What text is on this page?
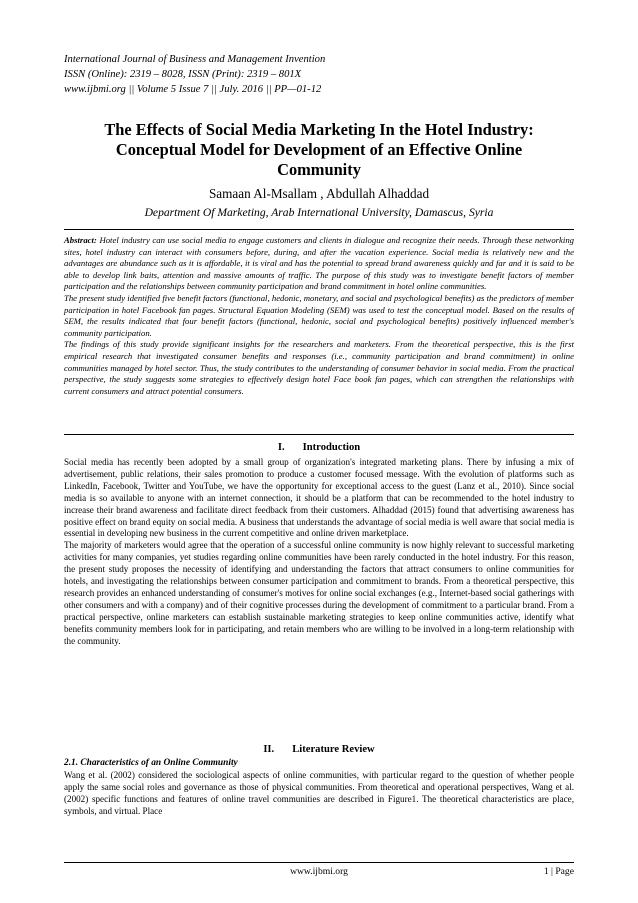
International Journal of Business and Management Invention
ISSN (Online): 2319 – 8028, ISSN (Print): 2319 – 801X
www.ijbmi.org || Volume 5 Issue 7 || July. 2016 || PP—01-12
The Effects of Social Media Marketing In the Hotel Industry: Conceptual Model for Development of an Effective Online Community
Samaan Al-Msallam , Abdullah Alhaddad
Department Of Marketing, Arab International University, Damascus, Syria

Abstract: Hotel industry can use social media to engage customers and clients in dialogue and recognize their needs. Through these networking sites, hotel industry can interact with consumers before, during, and after the vacation experience. Social media is relatively new and the advantages are abundance such as it is affordable, it is viral and has the potential to spread brand awareness quickly and far and it is said to be able to develop link baits, attention and massive amounts of traffic. The purpose of this study was to investigate benefit factors of member participation and the relationships between community participation and brand commitment in hotel online communities.

The present study identified five benefit factors (functional, hedonic, monetary, and social and psychological benefits) as the predictors of member participation in hotel Facebook fan pages. Structural Equation Modeling (SEM) was used to test the conceptual model. Based on the results of SEM, the results indicated that four benefit factors (functional, hedonic, social and psychological benefits) positively influenced member's community participation.

The findings of this study provide significant insights for the researchers and marketers. From the theoretical perspective, this is the first empirical research that investigated consumer benefits and responses (i.e., community participation and brand commitment) in online communities managed by hotel sector. Thus, the study contributes to the understanding of consumer behavior in social media. From the practical perspective, the study suggests some strategies to effectively design hotel Face book fan pages, which can strengthen the relationships with current consumers and attract potential consumers.

I. Introduction

Social media has recently been adopted by a small group of organization's integrated marketing plans. There by infusing a mix of advertisement, public relations, their sales promotion to produce a customer focused message. With the evolution of platforms such as LinkedIn, Facebook, Twitter and YouTube, we have the opportunity for exceptional access to the guest (Lanz et al., 2010). Since social media is so available to anyone with an internet connection, it should be a platform that can be recommended to the hotel industry to increase their brand awareness and facilitate direct feedback from their customers. Alhaddad (2015) found that advertising awareness has positive effect on brand equity on social media. A business that understands the advantage of social media is well aware that social media is essential in developing new business in the current competitive and online driven marketplace.

The majority of marketers would agree that the operation of a successful online community is now highly relevant to successful marketing activities for many companies, yet studies regarding online communities have been rarely conducted in the hotel industry. For this reason, the present study proposes the necessity of identifying and understanding the factors that attract consumers to online communities for hotels, and investigating the relationships between consumer participation and commitment to brands. From a theoretical perspective, this research provides an enhanced understanding of consumer's motives for online social exchanges (e.g., Internet-based social gatherings with other consumers and with a company) and of their cognitive processes during the development of commitment to a particular brand. From a practical perspective, online marketers can establish sustainable marketing strategies to keep online communities active, identify what benefits community members look for in participating, and retain members who are willing to be involved in a long-term relationship with the community.

II. Literature Review
2.1. Characteristics of an Online Community

Wang et al. (2002) considered the sociological aspects of online communities, with particular regard to the question of whether people apply the same social roles and governance as those of physical communities. From theoretical and operational perspectives, Wang et al. (2002) specific functions and features of online travel communities are described in Figure1. The theoretical characteristics are place, symbols, and virtual. Place

www.ijbmi.org	1 | Page
